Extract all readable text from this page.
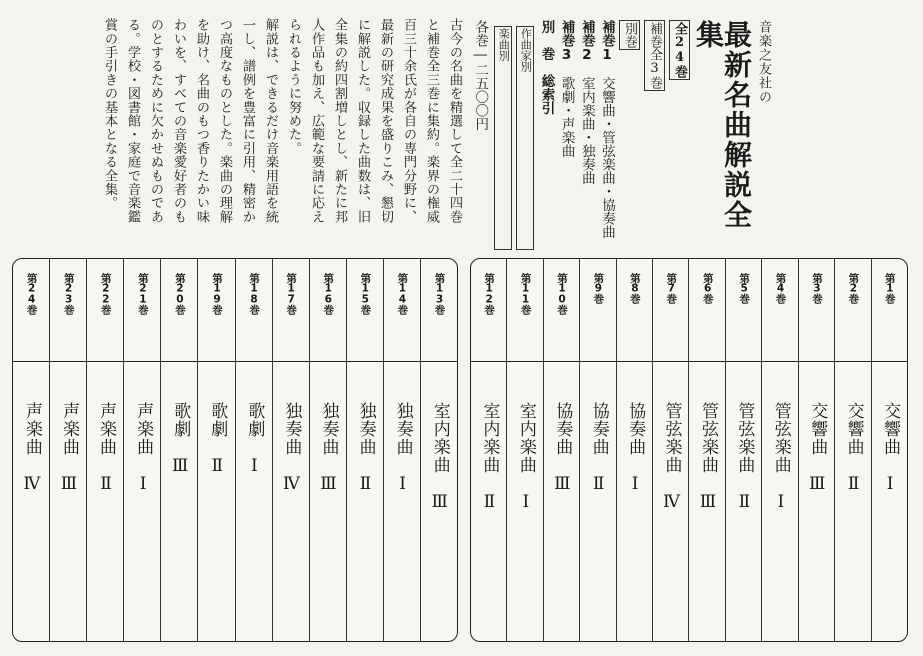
音楽之友社の
最新名曲解説全集
全24巻
補巻全3巻
別巻
補巻1　交響曲・管弦楽曲・協奏曲
補巻2　室内楽曲・独奏曲
補巻3　歌劇・声楽曲
別　巻　総索引
作曲家別
楽曲別
各巻―二五〇〇円
古今の名曲を精選して全二十四巻
と補巻全三巻に集約。楽界の権威
百三十余氏が各自の専門分野に、
最新の研究成果を盛りこみ、懇切
に解説した。収録した曲数は、旧
全集の約四割増しとし、新たに邦
人作品も加え、広範な要請に応え
られるように努めた。
解説は、できるだけ音楽用語を統
一し、譜例を豊富に引用、精密か
つ高度なものとした。楽曲の理解
を助け、名曲のもつ香りたかい味
わいを、すべての音楽愛好者のも
のとするために欠かせぬものであ
る。学校・図書館・家庭で音楽鑑
賞の手引きの基本となる全集。
第1巻
交響曲　Ⅰ
第2巻
交響曲　Ⅱ
第3巻
交響曲　Ⅲ
第4巻
管弦楽曲　Ⅰ
第5巻
管弦楽曲　Ⅱ
第6巻
管弦楽曲　Ⅲ
第7巻
管弦楽曲　Ⅳ
第8巻
協奏曲　Ⅰ
第9巻
協奏曲　Ⅱ
第10巻
協奏曲　Ⅲ
第11巻
室内楽曲　Ⅰ
第12巻
室内楽曲　Ⅱ
第13巻
室内楽曲　Ⅲ
第14巻
独奏曲　Ⅰ
第15巻
独奏曲　Ⅱ
第16巻
独奏曲　Ⅲ
第17巻
独奏曲　Ⅳ
第18巻
歌劇　Ⅰ
第19巻
歌劇　Ⅱ
第20巻
歌劇　Ⅲ
第21巻
声楽曲　Ⅰ
第22巻
声楽曲　Ⅱ
第23巻
声楽曲　Ⅲ
第24巻
声楽曲　Ⅳ
